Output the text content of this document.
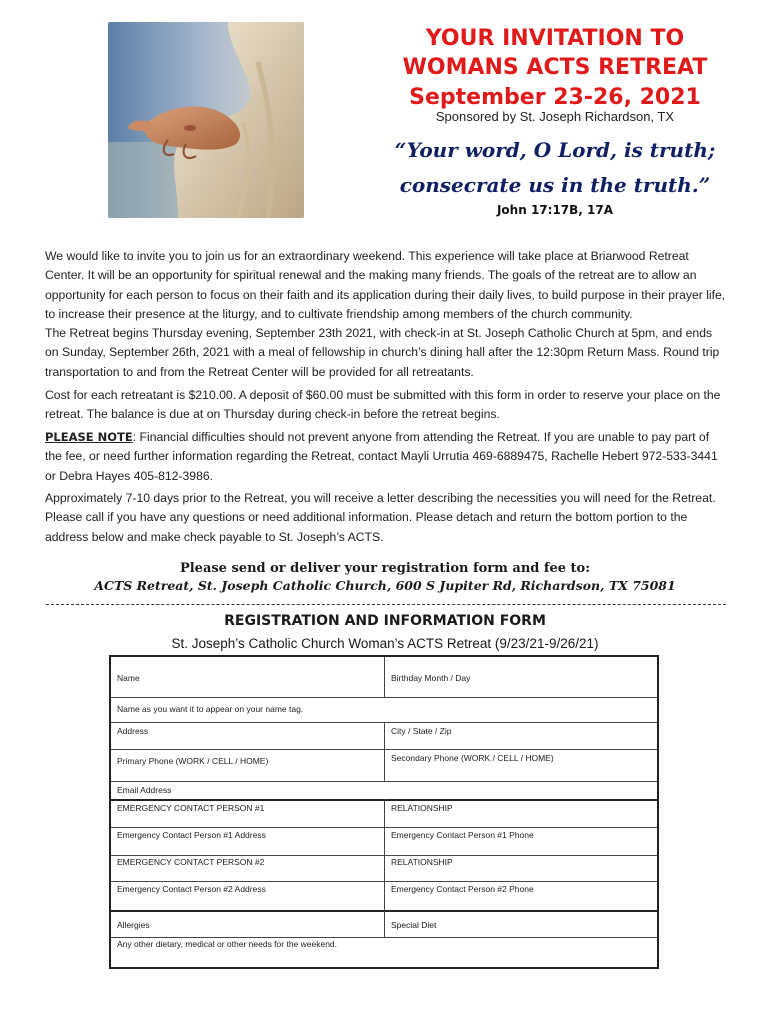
YOUR INVITATION TO
WOMANS ACTS RETREAT
September 23-26, 2021
Sponsored by St. Joseph Richardson, TX
“Your word, O Lord, is truth;
consecrate us in the truth.”
John 17:17B, 17A

We would like to invite you to join us for an extraordinary weekend. This experience will take place at Briarwood Retreat Center. It will be an opportunity for spiritual renewal and the making many friends. The goals of the retreat are to allow an opportunity for each person to focus on their faith and its application during their daily lives, to build purpose in their prayer life, to increase their presence at the liturgy, and to cultivate friendship among members of the church community.

The Retreat begins Thursday evening, September 23th 2021, with check-in at St. Joseph Catholic Church at 5pm, and ends on Sunday, September 26th, 2021 with a meal of fellowship in church’s dining hall after the 12:30pm Return Mass. Round trip transportation to and from the Retreat Center will be provided for all retreatants.

Cost for each retreatant is $210.00. A deposit of $60.00 must be submitted with this form in order to reserve your place on the retreat. The balance is due at on Thursday during check-in before the retreat begins.

PLEASE NOTE: Financial difficulties should not prevent anyone from attending the Retreat. If you are unable to pay part of the fee, or need further information regarding the Retreat, contact Mayli Urrutia 469-6889475, Rachelle Hebert 972-533-3441 or Debra Hayes 405-812-3986.

Approximately 7-10 days prior to the Retreat, you will receive a letter describing the necessities you will need for the Retreat. Please call if you have any questions or need additional information. Please detach and return the bottom portion to the address below and make check payable to St. Joseph’s ACTS.

Please send or deliver your registration form and fee to:
ACTS Retreat, St. Joseph Catholic Church, 600 S Jupiter Rd, Richardson, TX 75081
REGISTRATION AND INFORMATION FORM
St. Joseph’s Catholic Church Woman’s ACTS Retreat (9/23/21-9/26/21)
Name	Birthday Month / Day
Name as you want it to appear on your name tag.
Address	City / State / Zip
Primary Phone (WORK / CELL / HOME)	Secondary Phone (WORK / CELL / HOME)
Email Address
EMERGENCY CONTACT PERSON #1	RELATIONSHIP
Emergency Contact Person #1 Address	Emergency Contact Person #1 Phone
EMERGENCY CONTACT PERSON #2	RELATIONSHIP
Emergency Contact Person #2 Address	Emergency Contact Person #2 Phone
Allergies	Special Diet
Any other dietary, medical or other needs for the weekend.
